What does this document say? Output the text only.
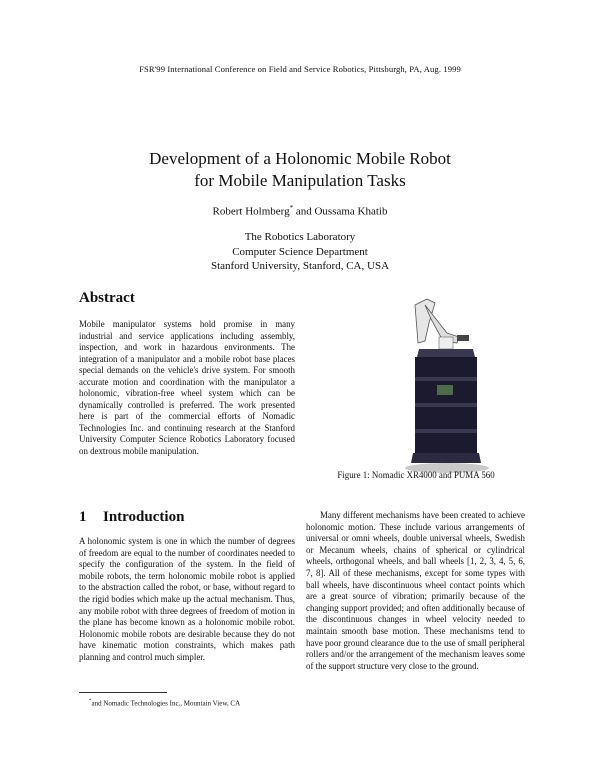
FSR'99 International Conference on Field and Service Robotics, Pittsburgh, PA, Aug. 1999
Development of a Holonomic Mobile Robot
for Mobile Manipulation Tasks
Robert Holmberg* and Oussama Khatib
The Robotics Laboratory
Computer Science Department
Stanford University, Stanford, CA, USA
Abstract
Mobile manipulator systems hold promise in many industrial and service applications including assembly, inspection, and work in hazardous environments. The integration of a manipulator and a mobile robot base places special demands on the vehicle's drive system. For smooth accurate motion and coordination with the manipulator a holonomic, vibration-free wheel system which can be dynamically controlled is preferred. The work presented here is part of the commercial efforts of Nomadic Technologies Inc. and continuing research at the Stanford University Computer Science Robotics Laboratory focused on dextrous mobile manipulation.
Figure 1: Nomadic XR4000 and PUMA 560
1 Introduction
A holonomic system is one in which the number of degrees of freedom are equal to the number of coordinates needed to specify the configuration of the system. In the field of mobile robots, the term holonomic mobile robot is applied to the abstraction called the robot, or base, without regard to the rigid bodies which make up the actual mechanism. Thus, any mobile robot with three degrees of freedom of motion in the plane has become known as a holonomic mobile robot. Holonomic mobile robots are desirable because they do not have kinematic motion constraints, which makes path planning and control much simpler.
Many different mechanisms have been created to achieve holonomic motion. These include various arrangements of universal or omni wheels, double universal wheels, Swedish or Mecanum wheels, chains of spherical or cylindrical wheels, orthogonal wheels, and ball wheels [1, 2, 3, 4, 5, 6, 7, 8]. All of these mechanisms, except for some types with ball wheels, have discontinuous wheel contact points which are a great source of vibration; primarily because of the changing support provided; and often additionally because of the discontinuous changes in wheel velocity needed to maintain smooth base motion. These mechanisms tend to have poor ground clearance due to the use of small peripheral rollers and/or the arrangement of the mechanism leaves some of the support structure very close to the ground.
*and Nomadic Technologies Inc., Mountain View, CA
